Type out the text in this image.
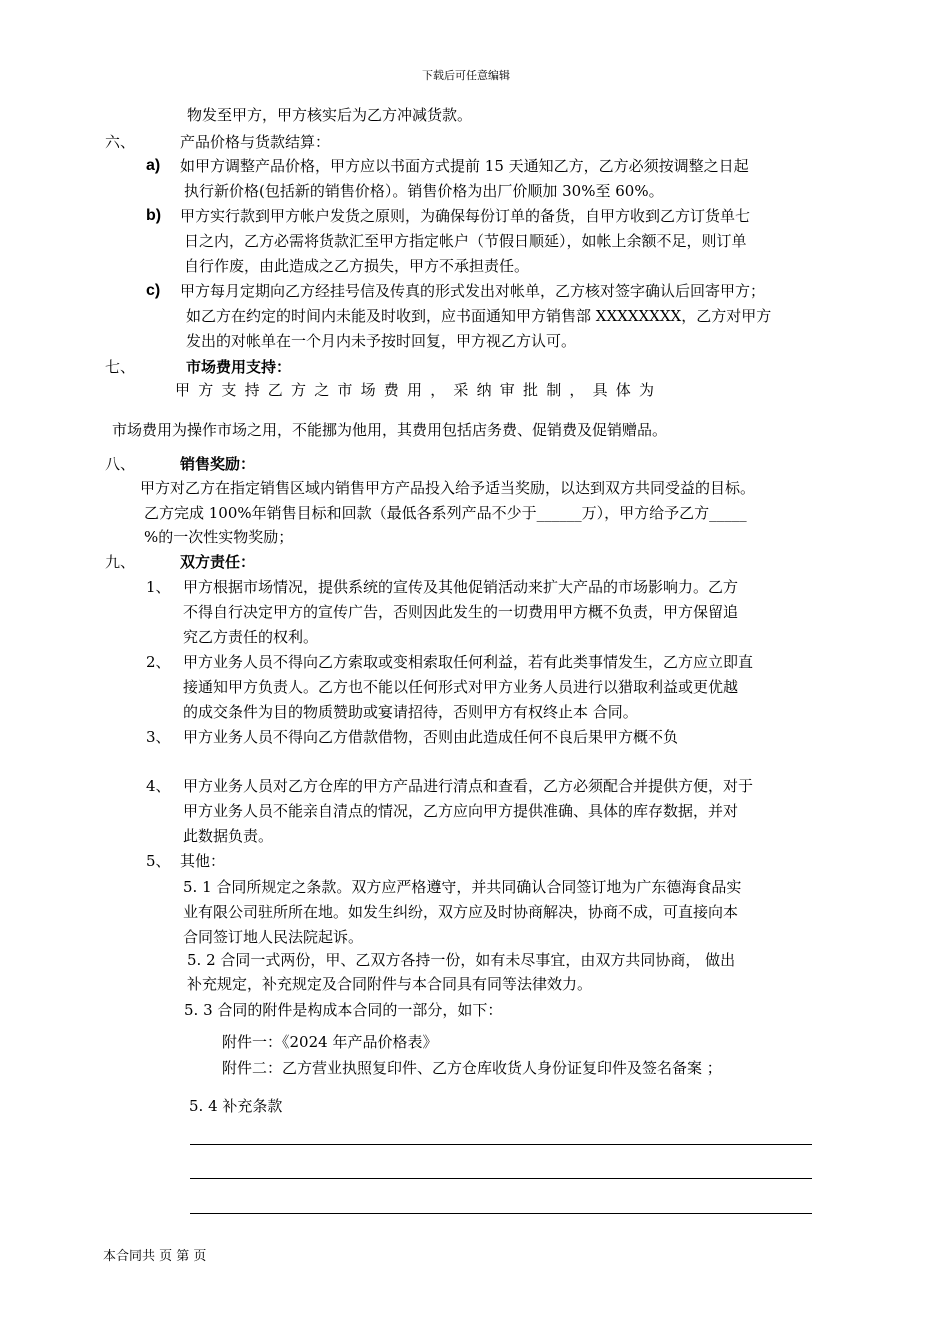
下载后可任意编辑
物发至甲方，甲方核实后为乙方冲减货款。
六、	产品价格与货款结算：
a) 如甲方调整产品价格，甲方应以书面方式提前 15 天通知乙方，乙方必须按调整之日起
执行新价格(包括新的销售价格）。销售价格为出厂价顺加 30%至 60%。
b) 甲方实行款到甲方帐户发货之原则，为确保每份订单的备货，自甲方收到乙方订货单七
日之内，乙方必需将货款汇至甲方指定帐户（节假日顺延），如帐上余额不足，则订单
自行作废，由此造成之乙方损失，甲方不承担责任。
c) 甲方每月定期向乙方经挂号信及传真的形式发出对帐单，乙方核对签字确认后回寄甲方；
如乙方在约定的时间内未能及时收到，应书面通知甲方销售部 XXXXXXXX，乙方对甲方
发出的对帐单在一个月内未予按时回复，甲方视乙方认可。
七、	市场费用支持：
甲方支持乙方之市场费用，采纳审批制，具体为
市场费用为操作市场之用，不能挪为他用，其费用包括店务费、促销费及促销赠品。
八、	销售奖励：
甲方对乙方在指定销售区域内销售甲方产品投入给予适当奖励，以达到双方共同受益的目标。
乙方完成 100%年销售目标和回款（最低各系列产品不少于______万），甲方给予乙方_____
%的一次性实物奖励；
九、	双方责任：
1、 甲方根据市场情况，提供系统的宣传及其他促销活动来扩大产品的市场影响力。乙方
不得自行决定甲方的宣传广告，否则因此发生的一切费用甲方概不负责，甲方保留追
究乙方责任的权利。
2、 甲方业务人员不得向乙方索取或变相索取任何利益，若有此类事情发生，乙方应立即直
接通知甲方负责人。乙方也不能以任何形式对甲方业务人员进行以猎取利益或更优越
的成交条件为目的物质赞助或宴请招待，否则甲方有权终止本 合同。
3、 甲方业务人员不得向乙方借款借物，否则由此造成任何不良后果甲方概不负
4、 甲方业务人员对乙方仓库的甲方产品进行清点和查看，乙方必须配合并提供方便，对于
甲方业务人员不能亲自清点的情况，乙方应向甲方提供准确、具体的库存数据，并对
此数据负责。
5、 其他：
5. 1 合同所规定之条款。双方应严格遵守，并共同确认合同签订地为广东德海食品实
业有限公司驻所所在地。如发生纠纷，双方应及时协商解决，协商不成，可直接向本
合同签订地人民法院起诉。
5. 2 合同一式两份，甲、乙双方各持一份，如有未尽事宜，由双方共同协商， 做出
补充规定，补充规定及合同附件与本合同具有同等法律效力。
5. 3 合同的附件是构成本合同的一部分，如下：
附件一：《2024 年产品价格表》
附件二：乙方营业执照复印件、乙方仓库收货人身份证复印件及签名备案 ；
5. 4 补充条款
本合同共 页 第 页
